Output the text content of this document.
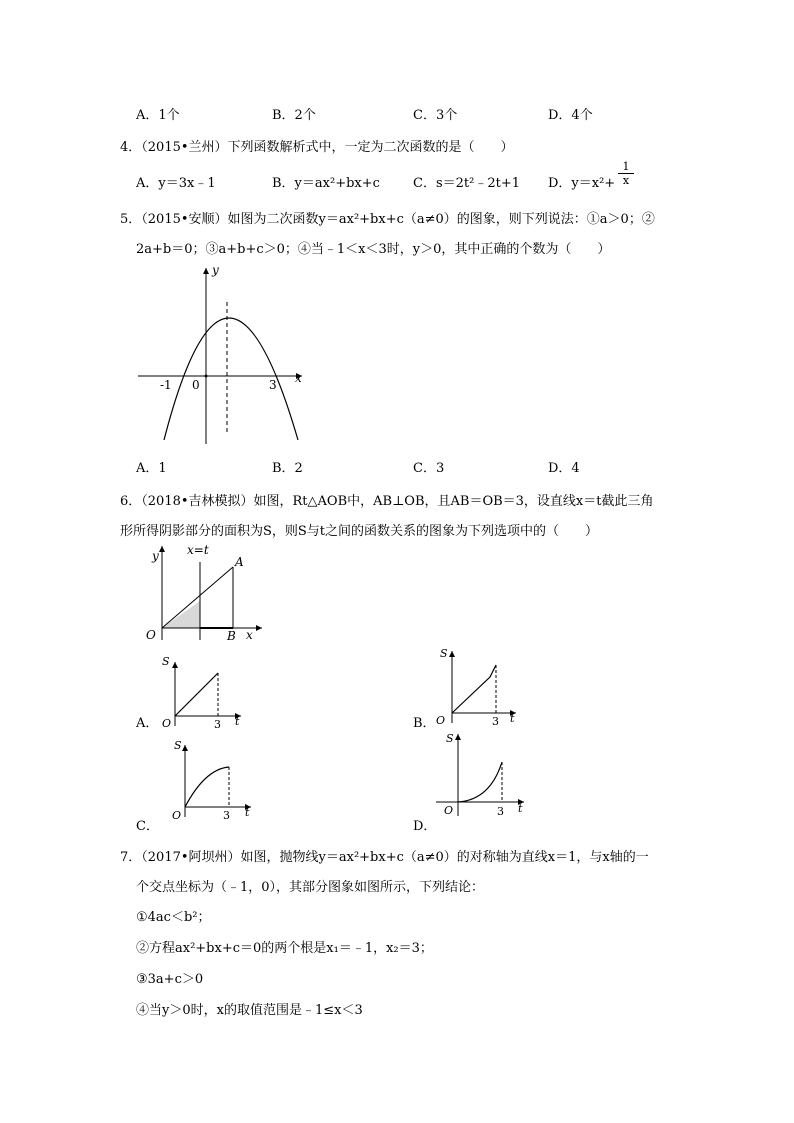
A．1个	B．2个	C．3个	D．4个
4．（2015•兰州）下列函数解析式中，一定为二次函数的是（　　）
A．y＝3x﹣1	B．y＝ax²+bx+c	C．s＝2t²﹣2t+1 D．$y=x^2+ \frac{1}{x}$
5．（2015•安顺）如图为二次函数y＝ax²+bx+c（a≠0）的图象，则下列说法：①a＞0；②
2a+b＝0；③a+b+c＞0；④当﹣1＜x＜3时，y＞0，其中正确的个数为（　　）
y
x
-1 0	3
A．1	B．2	C．3	D．4
6．（2018•吉林模拟）如图，Rt△AOB中，AB⊥OB，且AB＝OB＝3，设直线x＝t截此三角
形所得阴影部分的面积为S，则S与t之间的函数关系的图象为下列选项中的（　　）
y x=t
A
O	B x
A．
S
O	3 t	B．
S
O	3 t
C．
S
O	3 t
D．
S
O	3 t
7．（2017•阿坝州）如图，抛物线y＝ax²+bx+c（a≠0）的对称轴为直线x＝1，与x轴的一
个交点坐标为（﹣1，0），其部分图象如图所示，下列结论：
①4ac＜b²；
②方程ax²+bx+c＝0的两个根是x₁＝﹣1，x₂＝3；
③3a+c＞0
④当y＞0时，x的取值范围是﹣1≤x＜3
